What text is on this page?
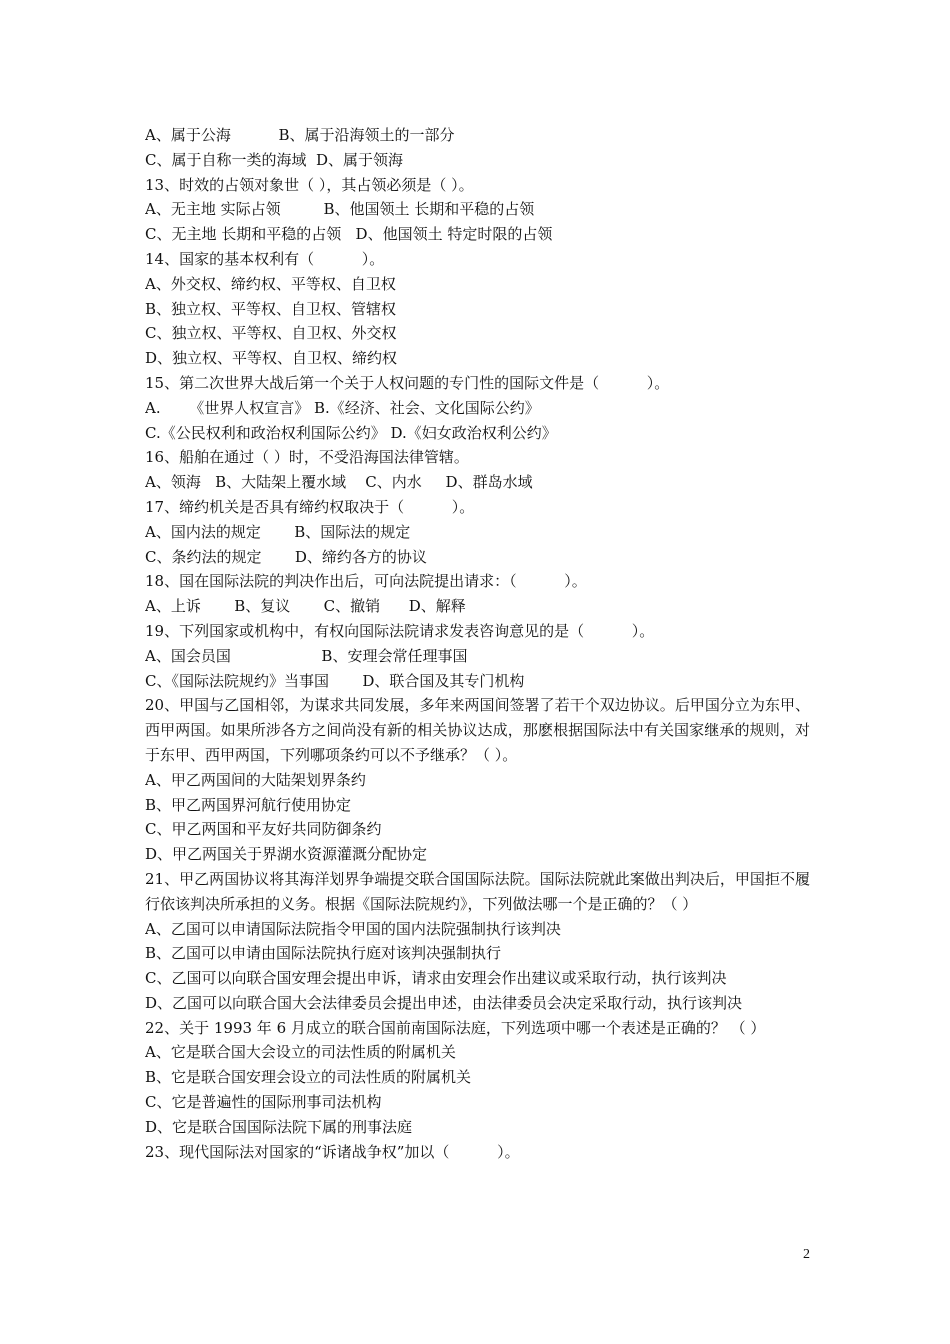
A、属于公海          B、属于沿海领土的一部分
C、属于自称一类的海域  D、属于领海
13、时效的占领对象世（ ），其占领必须是（ ）。
A、无主地 实际占领         B、他国领土 长期和平稳的占领
C、无主地 长期和平稳的占领   D、他国领土 特定时限的占领
14、国家的基本权利有（          ）。
A、外交权、缔约权、平等权、自卫权
B、独立权、平等权、自卫权、管辖权
C、独立权、平等权、自卫权、外交权
D、独立权、平等权、自卫权、缔约权
15、第二次世界大战后第一个关于人权问题的专门性的国际文件是（          ）。
A.      《世界人权宣言》 B.《经济、社会、文化国际公约》
C.《公民权利和政治权利国际公约》 D.《妇女政治权利公约》
16、船舶在通过（ ）时，不受沿海国法律管辖。
A、领海   B、大陆架上覆水域    C、内水     D、群岛水域
17、缔约机关是否具有缔约权取决于（          ）。
A、国内法的规定       B、国际法的规定
C、条约法的规定       D、缔约各方的协议
18、国在国际法院的判决作出后，可向法院提出请求：（          ）。
A、上诉       B、复议       C、撤销      D、解释
19、下列国家或机构中，有权向国际法院请求发表咨询意见的是（          ）。
A、国会员国                   B、安理会常任理事国
C、《国际法院规约》当事国       D、联合国及其专门机构
20、甲国与乙国相邻，为谋求共同发展，多年来两国间签署了若干个双边协议。后甲国分立为东甲、西甲两国。如果所涉各方之间尚没有新的相关协议达成，那麽根据国际法中有关国家继承的规则，对于东甲、西甲两国，下列哪项条约可以不予继承？（ ）。
A、甲乙两国间的大陆架划界条约
B、甲乙两国界河航行使用协定
C、甲乙两国和平友好共同防御条约
D、甲乙两国关于界湖水资源灌溉分配协定
21、甲乙两国协议将其海洋划界争端提交联合国国际法院。国际法院就此案做出判决后，甲国拒不履行依该判决所承担的义务。根据《国际法院规约》，下列做法哪一个是正确的？（ ）
A、乙国可以申请国际法院指令甲国的国内法院强制执行该判决
B、乙国可以申请由国际法院执行庭对该判决强制执行
C、乙国可以向联合国安理会提出申诉，请求由安理会作出建议或采取行动，执行该判决
D、乙国可以向联合国大会法律委员会提出申述，由法律委员会决定采取行动，执行该判决
22、关于 1993 年 6 月成立的联合国前南国际法庭，下列选项中哪一个表述是正确的？ （ ）
A、它是联合国大会设立的司法性质的附属机关
B、它是联合国安理会设立的司法性质的附属机关
C、它是普遍性的国际刑事司法机构
D、它是联合国国际法院下属的刑事法庭
23、现代国际法对国家的“诉诸战争权”加以（          ）。
2
